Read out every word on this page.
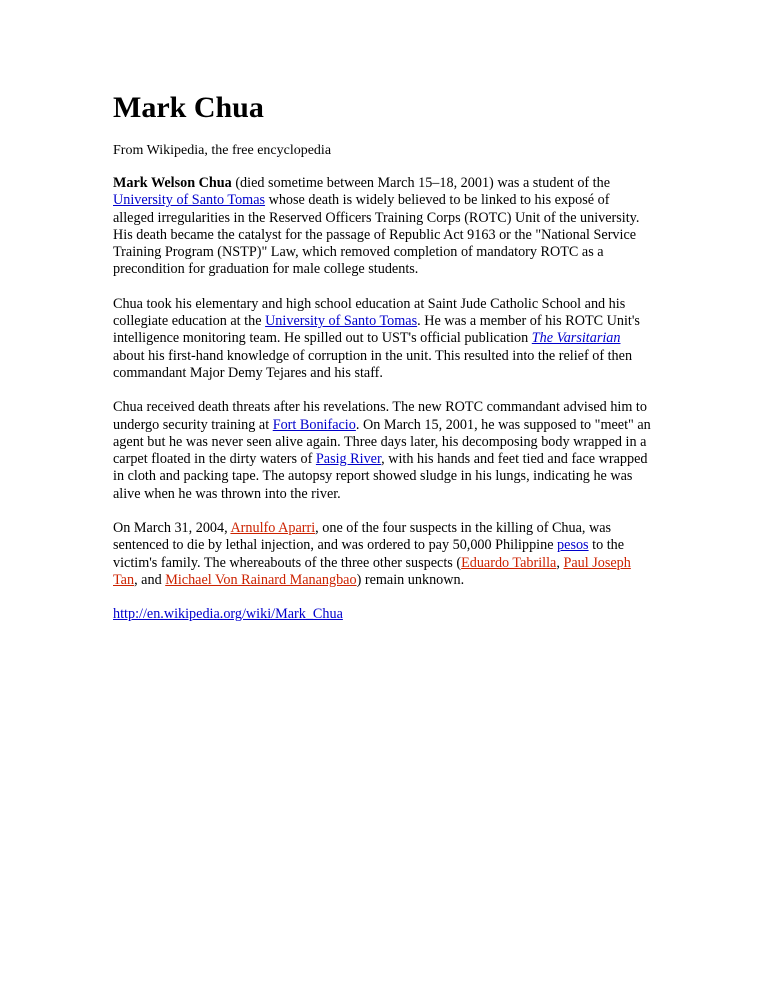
Mark Chua
From Wikipedia, the free encyclopedia

Mark Welson Chua (died sometime between March 15–18, 2001) was a student of the University of Santo Tomas whose death is widely believed to be linked to his exposé of alleged irregularities in the Reserved Officers Training Corps (ROTC) Unit of the university. His death became the catalyst for the passage of Republic Act 9163 or the "National Service Training Program (NSTP)" Law, which removed completion of mandatory ROTC as a precondition for graduation for male college students.

Chua took his elementary and high school education at Saint Jude Catholic School and his collegiate education at the University of Santo Tomas. He was a member of his ROTC Unit's intelligence monitoring team. He spilled out to UST's official publication The Varsitarian about his first-hand knowledge of corruption in the unit. This resulted into the relief of then commandant Major Demy Tejares and his staff.

Chua received death threats after his revelations. The new ROTC commandant advised him to undergo security training at Fort Bonifacio. On March 15, 2001, he was supposed to "meet" an agent but he was never seen alive again. Three days later, his decomposing body wrapped in a carpet floated in the dirty waters of Pasig River, with his hands and feet tied and face wrapped in cloth and packing tape. The autopsy report showed sludge in his lungs, indicating he was alive when he was thrown into the river.

On March 31, 2004, Arnulfo Aparri, one of the four suspects in the killing of Chua, was sentenced to die by lethal injection, and was ordered to pay 50,000 Philippine pesos to the victim's family. The whereabouts of the three other suspects (Eduardo Tabrilla, Paul Joseph Tan, and Michael Von Rainard Manangbao) remain unknown.

http://en.wikipedia.org/wiki/Mark_Chua
